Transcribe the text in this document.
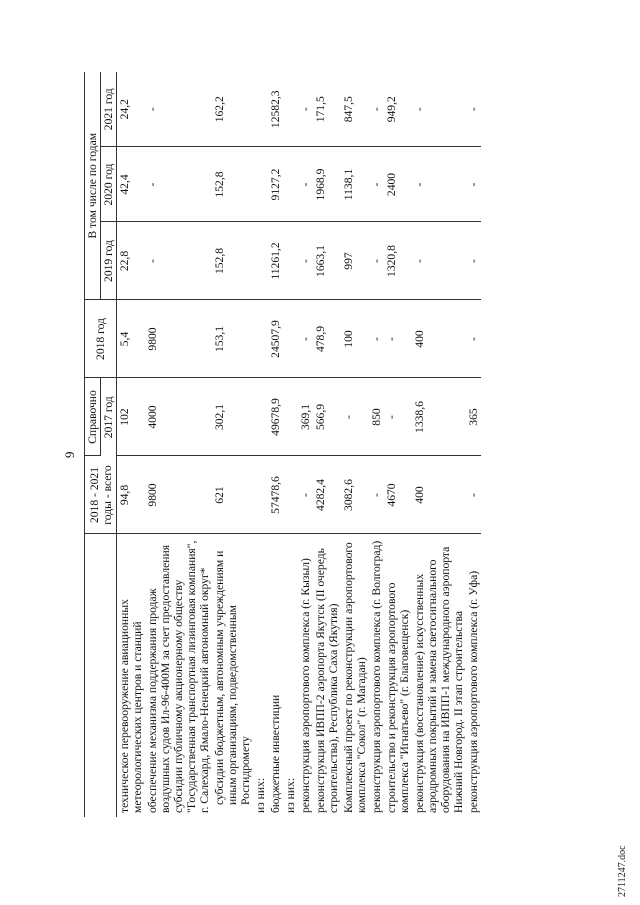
9
	2018 - 2021 годы - всего	Справочно	2018 год	В том числе по годам		
		2017 год		2019 год	2020 год	2021 год
техническое перевооружение авиационных метеорологических центров и станций	94,8	102	5,4	22,8	42,4	24,2
обеспечение механизма поддержания продаж воздушных судов Ил-96-400М за счет предоставления субсидии публичному акционерному обществу "Государственная транспортная лизинговая компания", г. Салехард, Ямало-Ненецкий автономный округ*	9800	4000	9800	-	-	-
субсидии бюджетным, автономным учреждениям и иным организациям, подведомственным Росгидромету	621	302,1	153,1	152,8	152,8	162,2
из них:						
бюджетные инвестиции	57478,6	49678,9	24507,9	11261,2	9127,2	12582,3
из них:						
реконструкция аэропортового комплекса (г. Кызыл)	-	369,1	-	-	-	-
реконструкция ИВПП-2 аэропорта Якутск (II очередь строительства), Республика Саха (Якутия)	4282,4	566,9	478,9	1663,1	1968,9	171,5
Комплексный проект по реконструкции аэропортового комплекса "Сокол" (г. Магадан)	3082,6	-	100	997	1138,1	847,5
реконструкция аэропортового комплекса (г. Волгоград)	-	850	-	-	-	-
строительство и реконструкция аэропортового комплекса "Игнатьево" (г. Благовещенск)	4670	-	-	1320,8	2400	949,2
реконструкция (восстановление) искусственных аэродромных покрытий и замена светосигнального оборудования на ИВПП-1 международного аэропорта Нижний Новгород. II этап строительства	400	1338,6	400	-	-	-
реконструкция аэропортового комплекса (г. Уфа)	-	365	-	-	-	-
2711247.doc
